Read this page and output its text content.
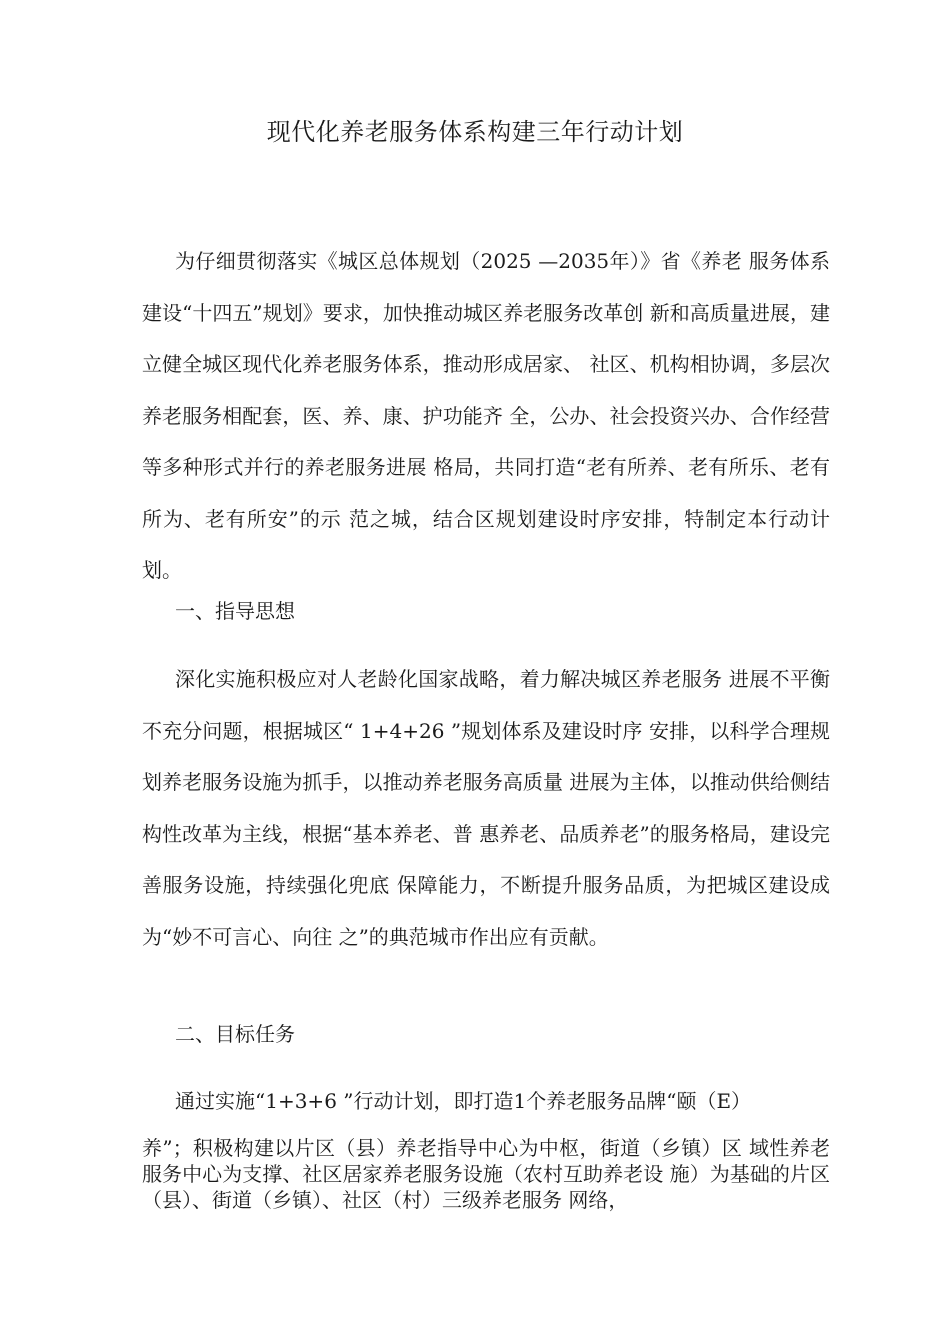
现代化养老服务体系构建三年行动计划
为仔细贯彻落实《城区总体规划（2025 —2035年）》省《养老 服务体系建设“十四五”规划》要求，加快推动城区养老服务改革创 新和高质量进展，建立健全城区现代化养老服务体系，推动形成居家、 社区、机构相协调，多层次养老服务相配套，医、养、康、护功能齐 全，公办、社会投资兴办、合作经营等多种形式并行的养老服务进展 格局，共同打造“老有所养、老有所乐、老有所为、老有所安”的示 范之城，结合区规划建设时序安排，特制定本行动计划。
一、指导思想
深化实施积极应对人老龄化国家战略，着力解决城区养老服务 进展不平衡不充分问题，根据城区“ 1+4+26 ”规划体系及建设时序 安排，以科学合理规划养老服务设施为抓手，以推动养老服务高质量 进展为主体，以推动供给侧结构性改革为主线，根据“基本养老、普 惠养老、品质养老”的服务格局，建设完善服务设施，持续强化兜底 保障能力，不断提升服务品质，为把城区建设成为“妙不可言心、向往 之”的典范城市作出应有贡献。
二、目标任务
通过实施“1+3+6 ”行动计划，即打造1个养老服务品牌“颐（E）
养”；积极构建以片区（县）养老指导中心为中枢，街道（乡镇）区 域性养老服务中心为支撑、社区居家养老服务设施（农村互助养老设 施）为基础的片区（县）、街道（乡镇）、社区（村）三级养老服务 网络，
